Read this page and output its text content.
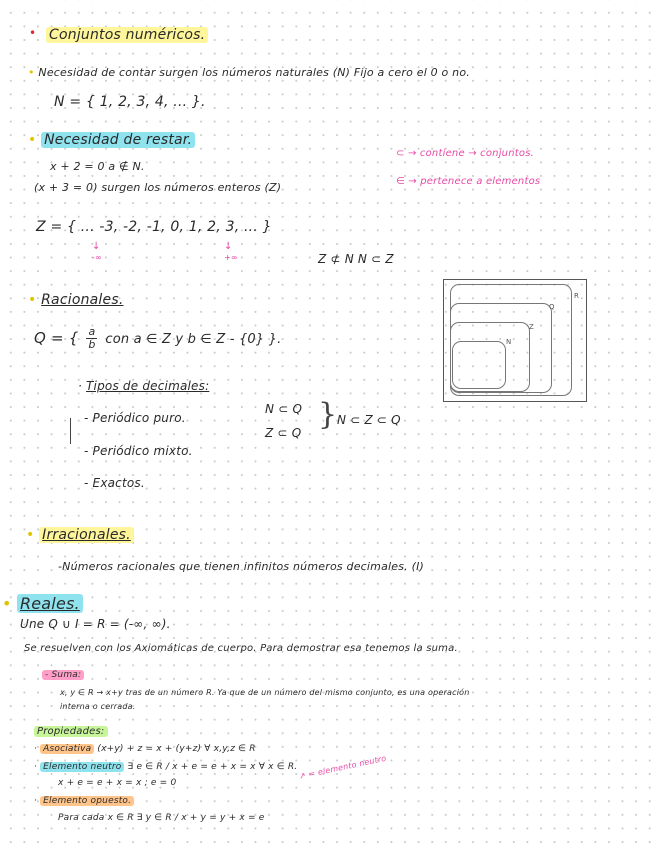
• Conjuntos numéricos.
• Necesidad de contar surgen los números naturales (N) Fijo a cero el 0 o no.
N = { 1, 2, 3, 4, ... }.
• Necesidad de restar.
x + 2 = 0 a ∉ N.
(x + 3 = 0) surgen los números enteros (Z)
Z = { ... -3, -2, -1, 0, 1, 2, 3, ... }
↓
-∞
↓
+∞	Z ⊄ N N ⊂ Z
⊂ → contiene → conjuntos.
∈ → pertenece a elementos
• Racionales.
Q = { $\frac{a}{b}$ con a ∈ Z y b ∈ Z - {0} }.
R
Q
Z
N
· Tipos de decimales:
- Periódico puro.
- Periódico mixto.
- Exactos.
N ⊂ Q
Z ⊂ Q
} N ⊂ Z ⊂ Q
• Irracionales.
-Números racionales que tienen infinitos números decimales. (I)
• Reales.
Une Q ∪ I = R = (-∞, ∞).
Se resuelven con los Axiomáticas de cuerpo. Para demostrar esa tenemos la suma.
- Suma:
x, y ∈ R → x+y tras de un número R. Ya que de un número del mismo conjunto, es una operación
interna o cerrada.
Propiedades:
· Asociativa (x+y) + z = x + (y+z) ∀ x,y,z ∈ R
· Elemento neutro ∃ e ∈ R / x + e = e + x = x ∀ x ∈ R.
x + e = e + x = x ; e = 0
· Elemento opuesto.
↗ = elemento neutro
Para cada x ∈ R ∃ y ∈ R / x + y = y + x = e
